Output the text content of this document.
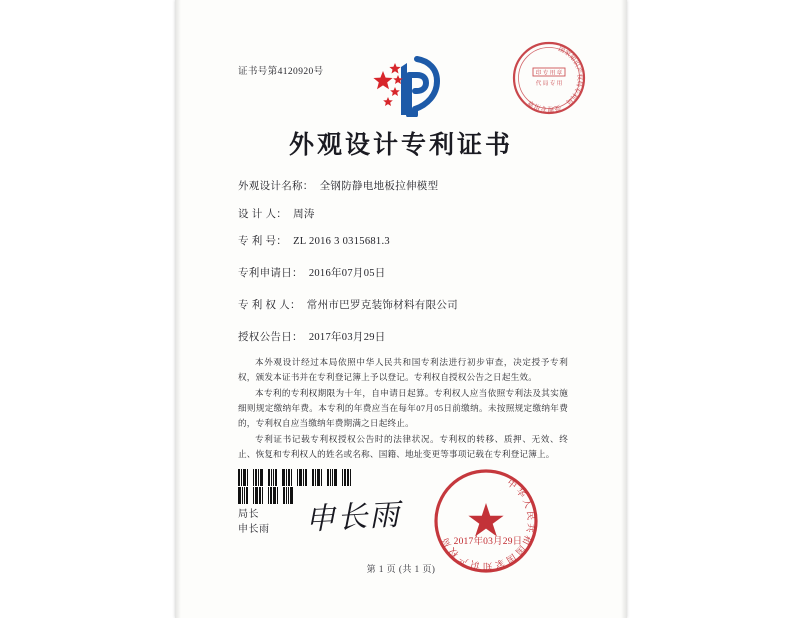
证书号第4120920号
国家知识产权局专利局　受理专用章
印 专 用 章
代 局 专 用
外观设计专利证书
外观设计名称： 全钢防静电地板拉伸模型
设 计 人： 周涛
专 利 号： ZL 2016 3 0315681.3
专利申请日： 2016年07月05日
专 利 权 人： 常州市巴罗克装饰材料有限公司
授权公告日： 2017年03月29日

本外观设计经过本局依照中华人民共和国专利法进行初步审查，决定授予专利权，颁发本证书并在专利登记簿上予以登记。专利权自授权公告之日起生效。

本专利的专利权期限为十年，自申请日起算。专利权人应当依照专利法及其实施细则规定缴纳年费。本专利的年费应当在每年07月05日前缴纳。未按照规定缴纳年费的，专利权自应当缴纳年费期满之日起终止。

专利证书记载专利权授权公告时的法律状况。专利权的转移、质押、无效、终止、恢复和专利权人的姓名或名称、国籍、地址变更等事项记载在专利登记簿上。

局长
申长雨 申长雨
中华人民共和国国家知识产权局 2017年03月29日
第 1 页 (共 1 页)
